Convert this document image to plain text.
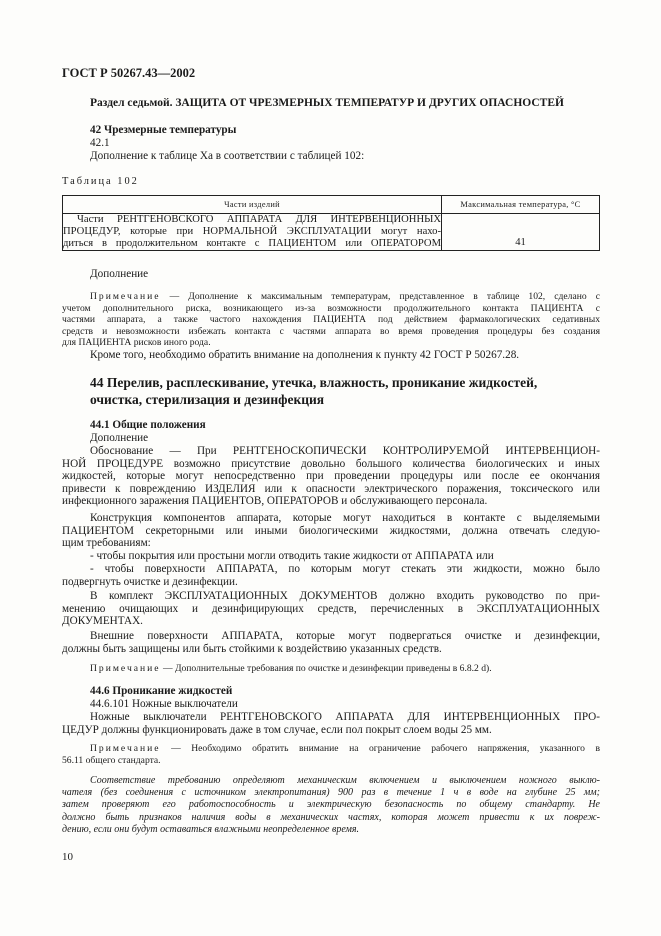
ГОСТ Р 50267.43—2002

Раздел седьмой. ЗАЩИТА ОТ ЧРЕЗМЕРНЫХ ТЕМПЕРАТУР И ДРУГИХ ОПАСНОСТЕЙ

42 Чрезмерные температуры

42.1

Дополнение к таблице Ха в соответствии с таблицей 102:

Таблица 102

Части изделий	Максимальная температура, °С

Части РЕНТГЕНОВСКОГО АППАРАТА ДЛЯ ИНТЕРВЕНЦИОННЫХ
ПРОЦЕДУР, которые при НОРМАЛЬНОЙ ЭКСПЛУАТАЦИИ могут нахо-
диться в продолжительном контакте с ПАЦИЕНТОМ или ОПЕРАТОРОМ	41

Дополнение

Примечание — Дополнение к максимальным температурам, представленное в таблице 102, сделано с
учетом дополнительного риска, возникающего из-за возможности продолжительного контакта ПАЦИЕНТА с
частями аппарата, а также частого нахождения ПАЦИЕНТА под действием фармакологических седативных
средств и невозможности избежать контакта с частями аппарата во время проведения процедуры без создания
для ПАЦИЕНТА рисков иного рода.

Кроме того, необходимо обратить внимание на дополнения к пункту 42 ГОСТ Р 50267.28.

44 Перелив, расплескивание, утечка, влажность, проникание жидкостей,
очистка, стерилизация и дезинфекция

44.1 Общие положения

Дополнение

Обоснование — При РЕНТГЕНОСКОПИЧЕСКИ КОНТРОЛИРУЕМОЙ ИНТЕРВЕНЦИОН-
НОЙ ПРОЦЕДУРЕ возможно присутствие довольно большого количества биологических и иных
жидкостей, которые могут непосредственно при проведении процедуры или после ее окончания
привести к повреждению ИЗДЕЛИЯ или к опасности электрического поражения, токсического или
инфекционного заражения ПАЦИЕНТОВ, ОПЕРАТОРОВ и обслуживающего персонала.
Конструкция компонентов аппарата, которые могут находиться в контакте с выделяемыми
ПАЦИЕНТОМ секреторными или иными биологическими жидкостями, должна отвечать следую-
щим требованиям:

- чтобы покрытия или простыни могли отводить такие жидкости от АППАРАТА или

- чтобы поверхности АППАРАТА, по которым могут стекать эти жидкости, можно было
подвергнуть очистке и дезинфекции.
В комплект ЭКСПЛУАТАЦИОННЫХ ДОКУМЕНТОВ должно входить руководство по при-
менению очищающих и дезинфицирующих средств, перечисленных в ЭКСПЛУАТАЦИОННЫХ
ДОКУМЕНТАХ.
Внешние поверхности АППАРАТА, которые могут подвергаться очистке и дезинфекции,
должны быть защищены или быть стойкими к воздействию указанных средств.

Примечание — Дополнительные требования по очистке и дезинфекции приведены в 6.8.2 d).

44.6 Проникание жидкостей

44.6.101 Ножные выключатели

Ножные выключатели РЕНТГЕНОВСКОГО АППАРАТА ДЛЯ ИНТЕРВЕНЦИОННЫХ ПРО-
ЦЕДУР должны функционировать даже в том случае, если пол покрыт слоем воды 25 мм.
Примечание — Необходимо обратить внимание на ограничение рабочего напряжения, указанного в
56.11 общего стандарта.
Соответствие требованию определяют механическим включением и выключением ножного выклю-
чателя (без соединения с источником электропитания) 900 раз в течение 1 ч в воде на глубине 25 мм;
затем проверяют его работоспособность и электрическую безопасность по общему стандарту. Не
должно быть признаков наличия воды в механических частях, которая может привести к их повреж-
дению, если они будут оставаться влажными неопределенное время.

10
